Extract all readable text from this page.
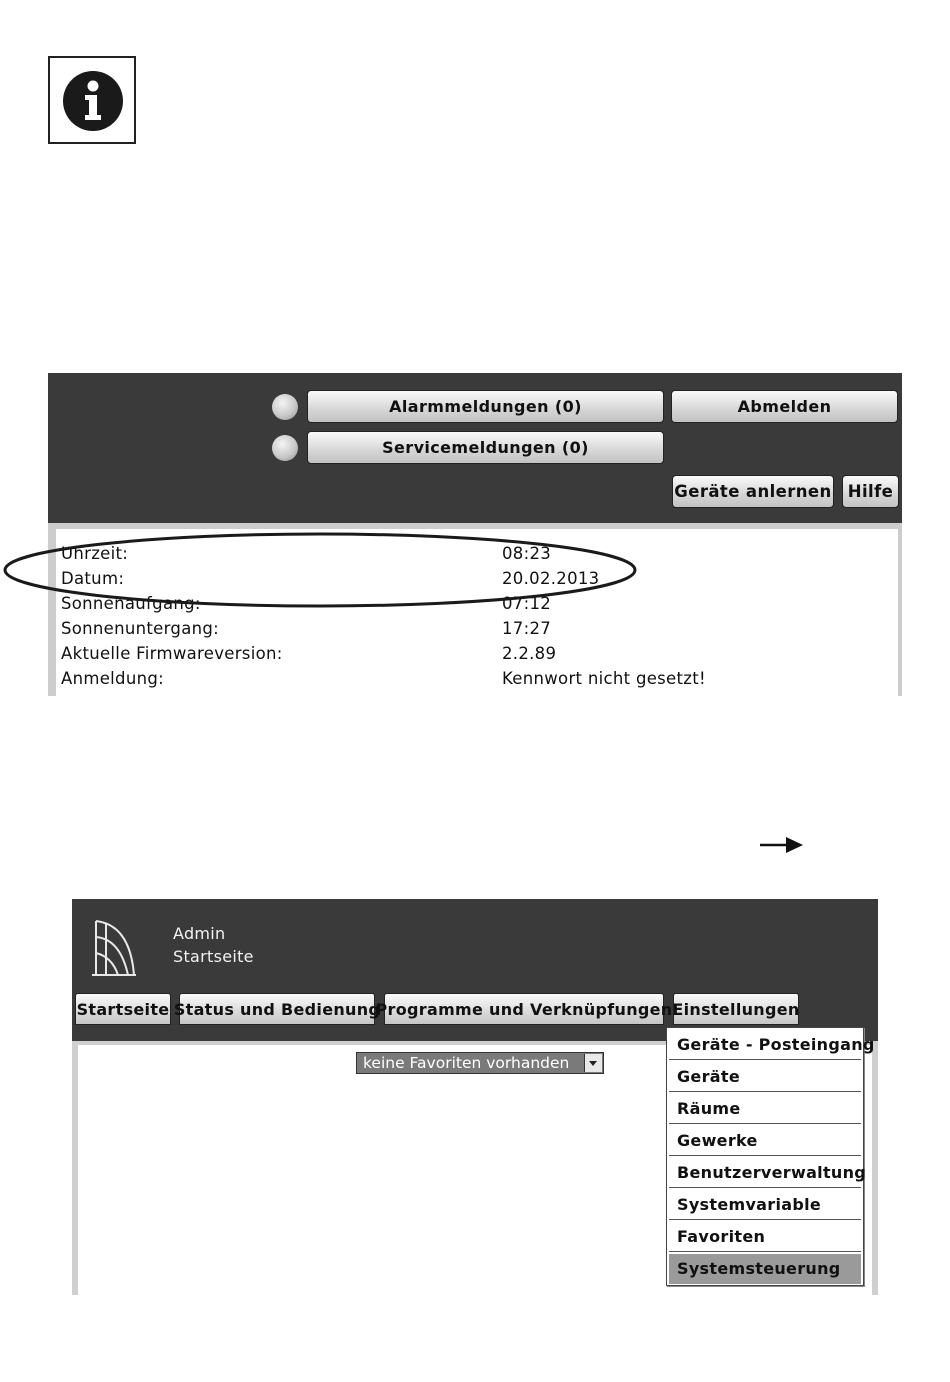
Alarmmeldungen (0)	Abmelden
Servicemeldungen (0)
Geräte anlernen Hilfe
Uhrzeit:	08:23
Datum:	20.02.2013
Sonnenaufgang:	07:12
Sonnenuntergang:	17:27
Aktuelle Firmwareversion:	2.2.89
Anmeldung:	Kennwort nicht gesetzt!
Admin
Startseite
Startseite Status und Bedienung
Programme und Verknüpfungen Einstellungen
keine Favoriten vorhanden
Geräte - Posteingang
Geräte
Räume
Gewerke
Benutzerverwaltung
Systemvariable
Favoriten
Systemsteuerung
